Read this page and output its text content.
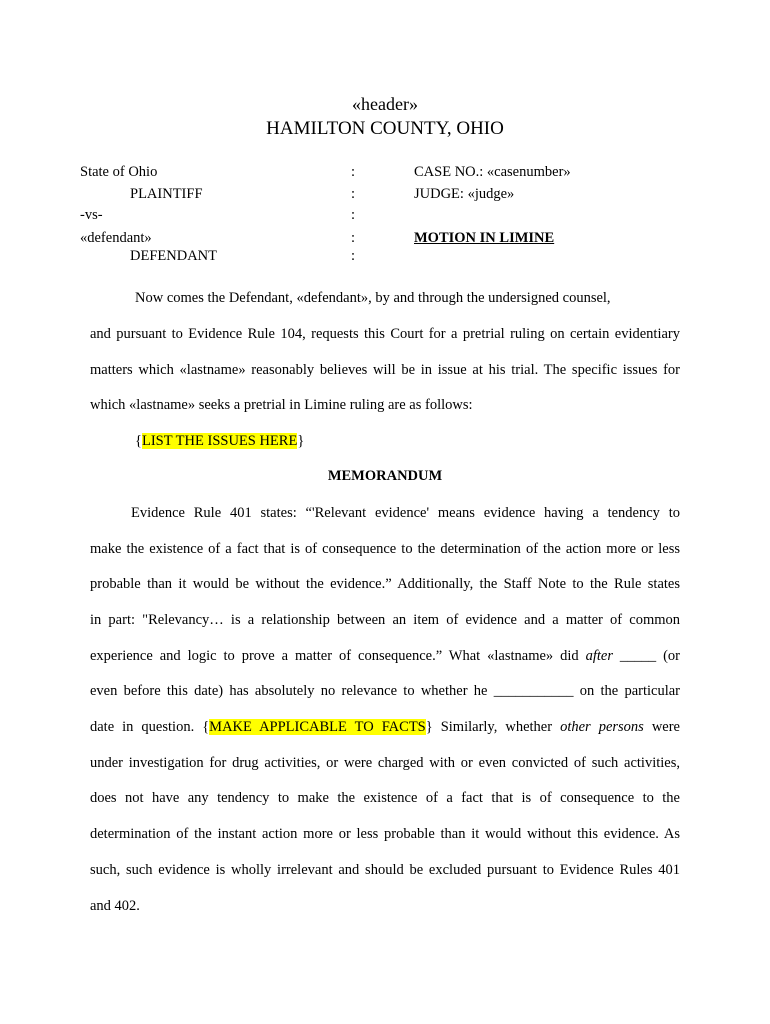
«header»
HAMILTON COUNTY, OHIO
State of Ohio	:	CASE NO.: «casenumber»
PLAINTIFF	:	JUDGE: «judge»
-vs-	:
«defendant»	:	MOTION IN LIMINE
DEFENDANT	:
Now comes the Defendant, «defendant», by and through the undersigned counsel,
and pursuant to Evidence Rule 104, requests this Court for a pretrial ruling on certain evidentiary
matters which «lastname» reasonably believes will be in issue at his trial. The specific issues for
which «lastname» seeks a pretrial in Limine ruling are as follows:
{LIST THE ISSUES HERE}
MEMORANDUM
Evidence Rule 401 states: “'Relevant evidence' means evidence having a tendency to
make the existence of a fact that is of consequence to the determination of the action more or less
probable than it would be without the evidence.” Additionally, the Staff Note to the Rule states
in part: "Relevancy… is a relationship between an item of evidence and a matter of common
experience and logic to prove a matter of consequence.” What «lastname» did after _____ (or
even before this date) has absolutely no relevance to whether he ___________ on the particular
date in question. {MAKE APPLICABLE TO FACTS} Similarly, whether other persons were
under investigation for drug activities, or were charged with or even convicted of such activities,
does not have any tendency to make the existence of a fact that is of consequence to the
determination of the instant action more or less probable than it would without this evidence. As
such, such evidence is wholly irrelevant and should be excluded pursuant to Evidence Rules 401
and 402.
